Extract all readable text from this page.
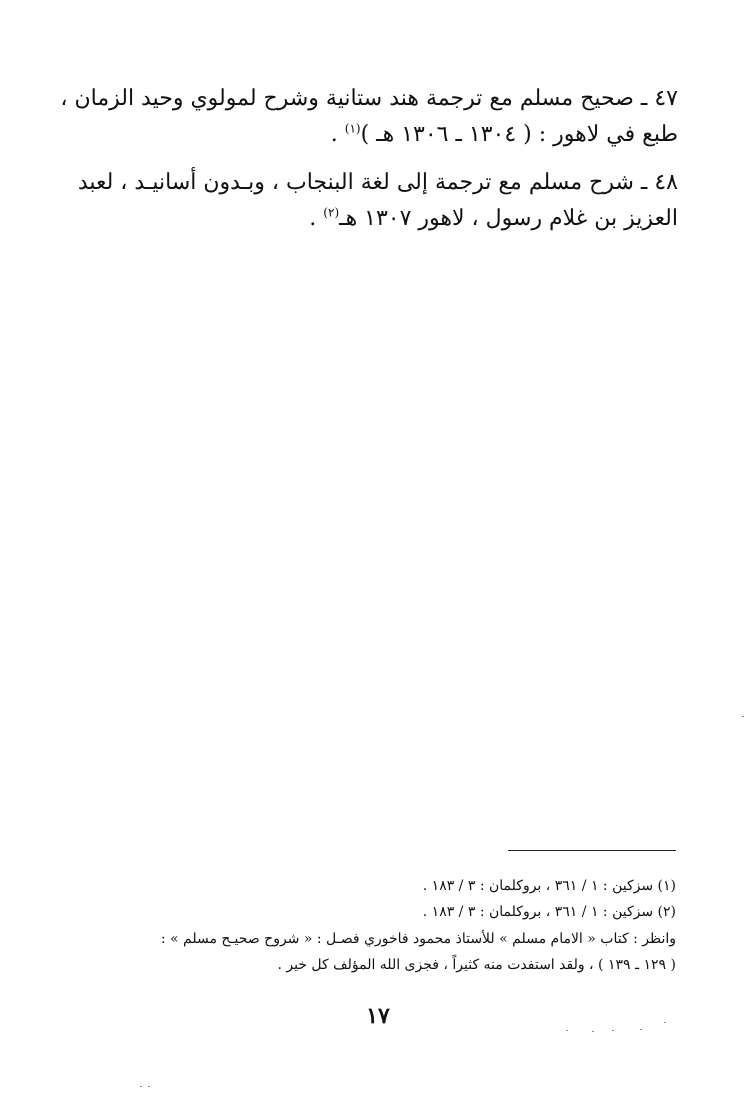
٤٧ ـ صحيح مسلم مع ترجمة هند ستانية وشرح لمولوي وحيد الزمان ،
طبع في لاهور : ( ١٣٠٤ ـ ١٣٠٦ هـ )$^{(١)}$ .
٤٨ ـ شرح مسلم مع ترجمة إلى لغة البنجاب ، وبـدون أسانيـد ، لعبد
العزيز بن غلام رسول ، لاهور ١٣٠٧ هـ$^{(٢)}$ .
(١) سزكين : ١ / ٣٦١ ، بروكلمان : ٣ / ١٨٣ .
(٢) سزكين : ١ / ٣٦١ ، بروكلمان : ٣ / ١٨٣ .
وانظر : كتاب « الامام مسلم » للأستاذ محمود فاخوري فصـل : « شروح صحيـح مسلم » :
( ١٢٩ ـ ١٣٩ ) ، ولقد استفدت منه كثيراً ، فجزى الله المؤلف كل خير .
١٧
